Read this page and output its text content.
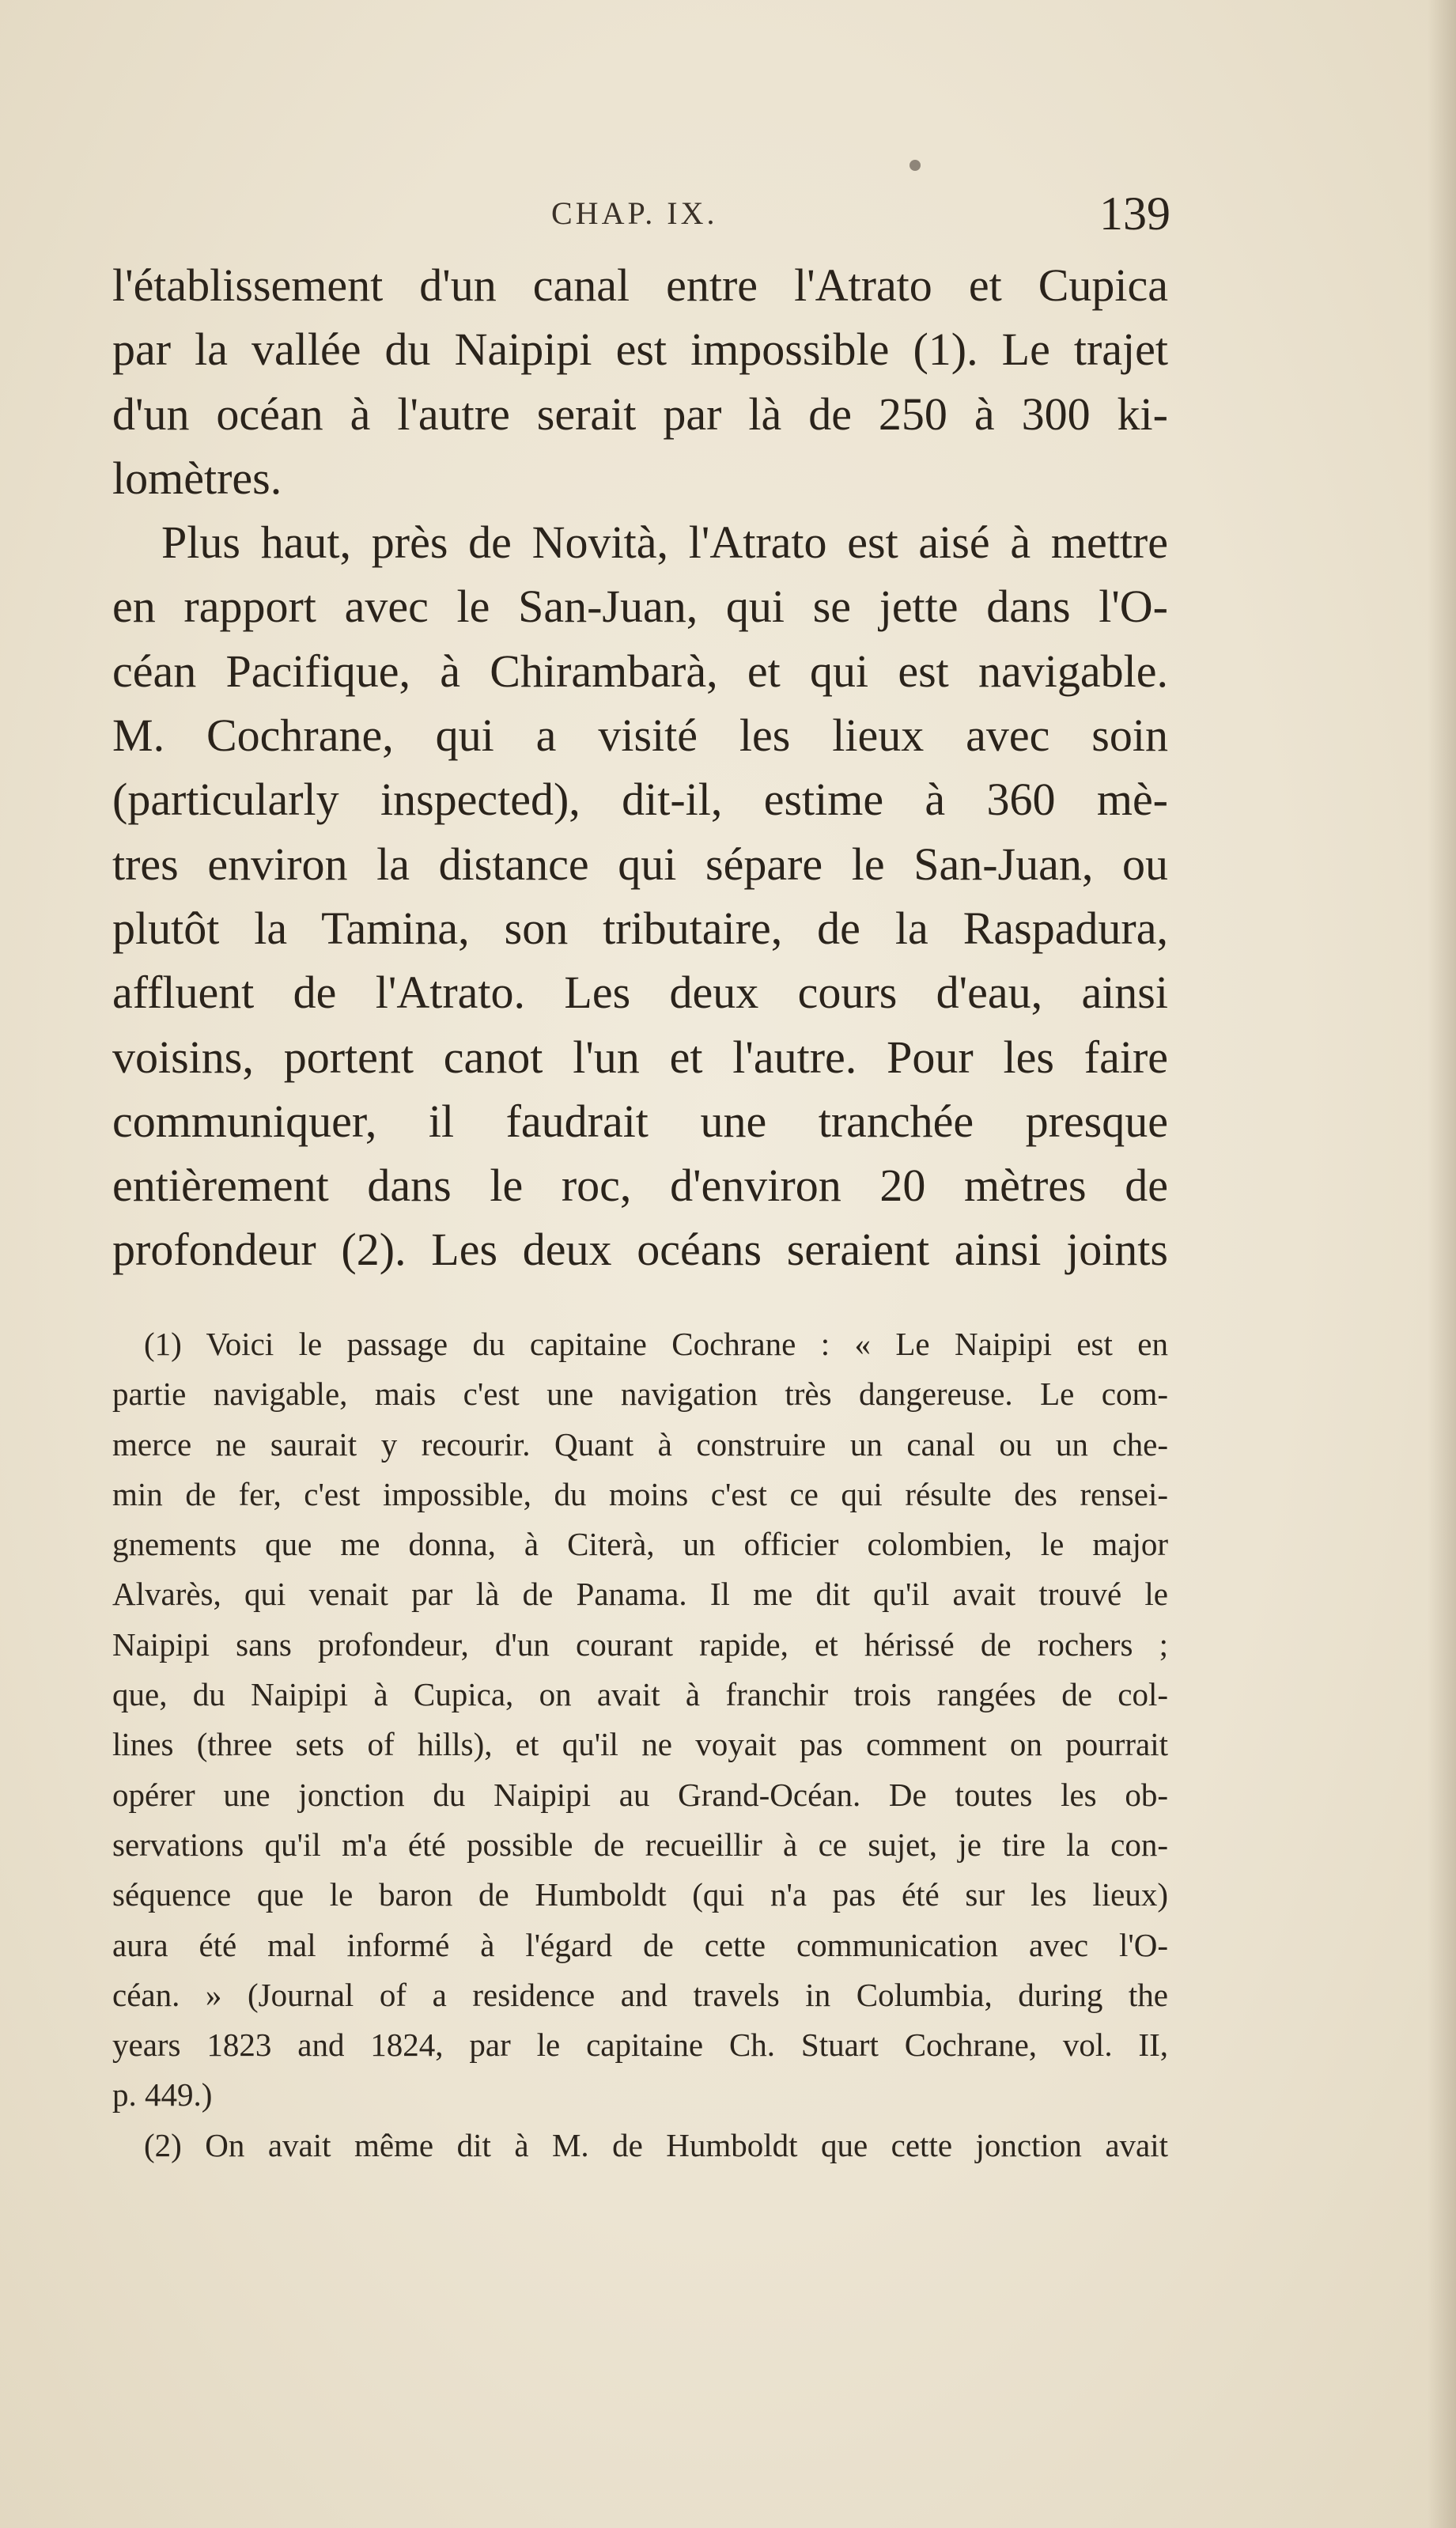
CHAP. IX.	139
l'établissement d'un canal entre l'Atrato et Cupica
par la vallée du Naipipi est impossible (1). Le trajet
d'un océan à l'autre serait par là de 250 à 300 ki-
lomètres.
Plus haut, près de Novità, l'Atrato est aisé à mettre
en rapport avec le San-Juan, qui se jette dans l'O-
céan Pacifique, à Chirambarà, et qui est navigable.
M. Cochrane, qui a visité les lieux avec soin
(particularly inspected), dit-il, estime à 360 mè-
tres environ la distance qui sépare le San-Juan, ou
plutôt la Tamina, son tributaire, de la Raspadura,
affluent de l'Atrato. Les deux cours d'eau, ainsi
voisins, portent canot l'un et l'autre. Pour les faire
communiquer, il faudrait une tranchée presque
entièrement dans le roc, d'environ 20 mètres de
profondeur (2). Les deux océans seraient ainsi joints
(1) Voici le passage du capitaine Cochrane : « Le Naipipi est en
partie navigable, mais c'est une navigation très dangereuse. Le com-
merce ne saurait y recourir. Quant à construire un canal ou un che-
min de fer, c'est impossible, du moins c'est ce qui résulte des rensei-
gnements que me donna, à Citerà, un officier colombien, le major
Alvarès, qui venait par là de Panama. Il me dit qu'il avait trouvé le
Naipipi sans profondeur, d'un courant rapide, et hérissé de rochers ;
que, du Naipipi à Cupica, on avait à franchir trois rangées de col-
lines (three sets of hills), et qu'il ne voyait pas comment on pourrait
opérer une jonction du Naipipi au Grand-Océan. De toutes les ob-
servations qu'il m'a été possible de recueillir à ce sujet, je tire la con-
séquence que le baron de Humboldt (qui n'a pas été sur les lieux)
aura été mal informé à l'égard de cette communication avec l'O-
céan. » (Journal of a residence and travels in Columbia, during the
years 1823 and 1824, par le capitaine Ch. Stuart Cochrane, vol. II,
p. 449.)
(2) On avait même dit à M. de Humboldt que cette jonction avait
